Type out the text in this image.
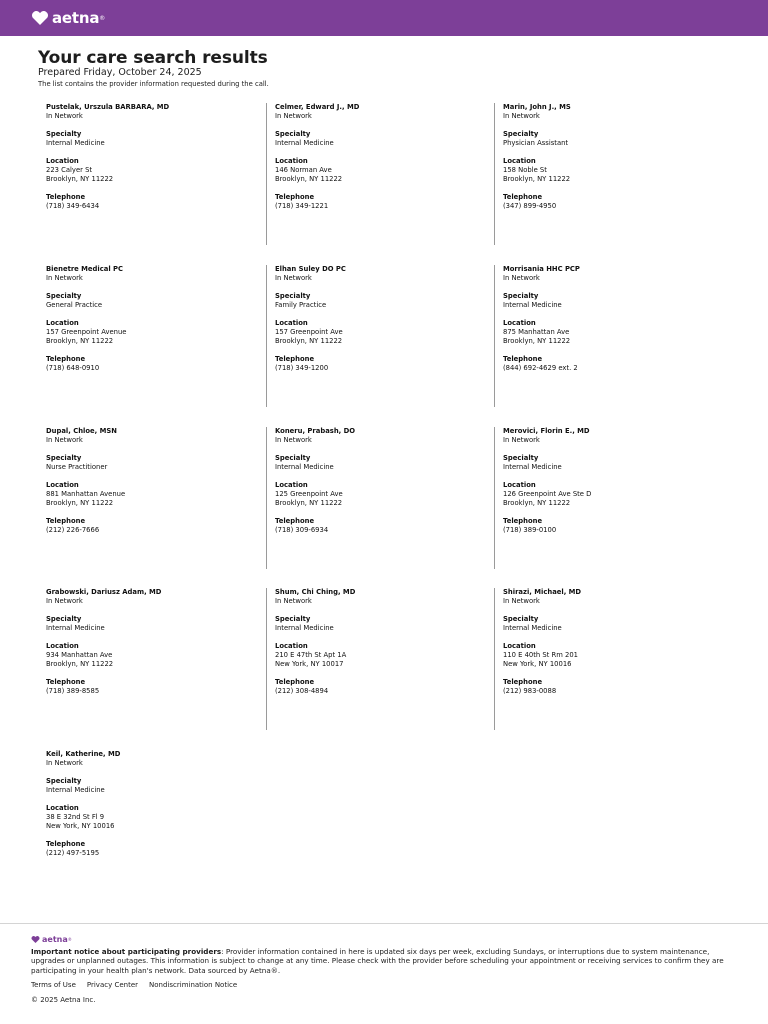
aetna ®
Your care search results
Prepared Friday, October 24, 2025
The list contains the provider information requested during the call.
Pustelak, Urszula BARBARA, MD
In Network
Specialty
Internal Medicine
Location
223 Calyer St
Brooklyn, NY 11222
Telephone
(718) 349-6434
Celmer, Edward J., MD
In Network
Specialty
Internal Medicine
Location
146 Norman Ave
Brooklyn, NY 11222
Telephone
(718) 349-1221
Marin, John J., MS
In Network
Specialty
Physician Assistant
Location
158 Noble St
Brooklyn, NY 11222
Telephone
(347) 899-4950
Bienetre Medical PC
In Network
Specialty
General Practice
Location
157 Greenpoint Avenue
Brooklyn, NY 11222
Telephone
(718) 648-0910
Elhan Suley DO PC
In Network
Specialty
Family Practice
Location
157 Greenpoint Ave
Brooklyn, NY 11222
Telephone
(718) 349-1200
Morrisania HHC PCP
In Network
Specialty
Internal Medicine
Location
875 Manhattan Ave
Brooklyn, NY 11222
Telephone
(844) 692-4629 ext. 2
Dupal, Chloe, MSN
In Network
Specialty
Nurse Practitioner
Location
881 Manhattan Avenue
Brooklyn, NY 11222
Telephone
(212) 226-7666
Koneru, Prabash, DO
In Network
Specialty
Internal Medicine
Location
125 Greenpoint Ave
Brooklyn, NY 11222
Telephone
(718) 309-6934
Merovici, Florin E., MD
In Network
Specialty
Internal Medicine
Location
126 Greenpoint Ave Ste D
Brooklyn, NY 11222
Telephone
(718) 389-0100
Grabowski, Dariusz Adam, MD
In Network
Specialty
Internal Medicine
Location
934 Manhattan Ave
Brooklyn, NY 11222
Telephone
(718) 389-8585
Shum, Chi Ching, MD
In Network
Specialty
Internal Medicine
Location
210 E 47th St Apt 1A
New York, NY 10017
Telephone
(212) 308-4894
Shirazi, Michael, MD
In Network
Specialty
Internal Medicine
Location
110 E 40th St Rm 201
New York, NY 10016
Telephone
(212) 983-0088
Keil, Katherine, MD
In Network
Specialty
Internal Medicine
Location
38 E 32nd St Fl 9
New York, NY 10016
Telephone
(212) 497-5195
aetna ®
Important notice about participating providers: Provider information contained in here is updated six days per week, excluding Sundays, or interruptions due to system maintenance, upgrades or unplanned outages. This information is subject to change at any time. Please check with the provider before scheduling your appointment or receiving services to confirm they are participating in your health plan's network. Data sourced by Aetna®.
Terms of Use Privacy Center Nondiscrimination Notice
© 2025 Aetna Inc.
